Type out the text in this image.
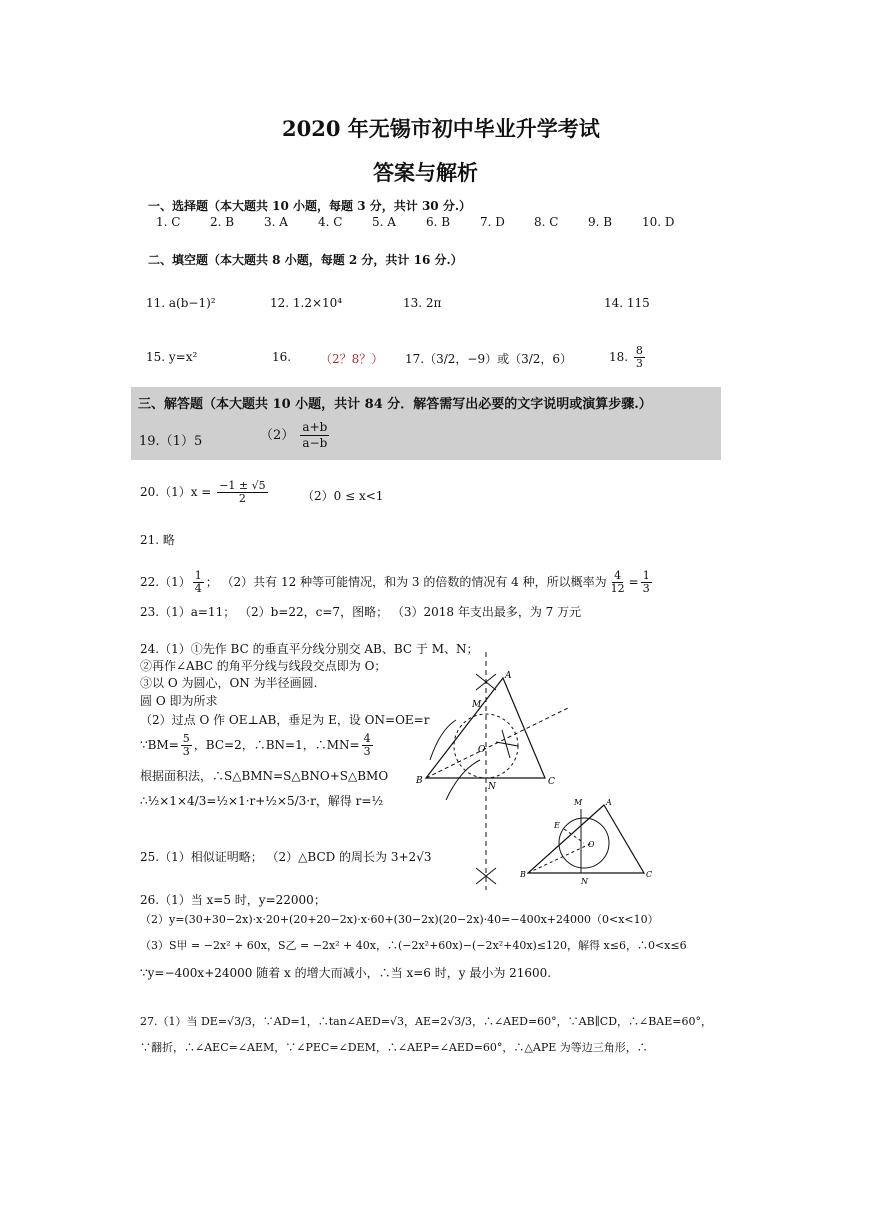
2020 年无锡市初中毕业升学考试
答案与解析
一、选择题（本大题共 10 小题，每题 3 分，共计 30 分.）
1. C 2. B 3. A	4. C 5. A	6. B 7. D 8. C 9. B 10. D
二、填空题（本大题共 8 小题，每题 2 分，共计 16 分.）
11. a(b−1)²	12. 1.2×10⁴	13. 2π	14. 115
15. y=x²	16. （2？8？） 17.（3/2，−9）或（3/2，6）	18. $\frac{8}{3}$
三、解答题（本大题共 10 小题，共计 84 分．解答需写出必要的文字说明或演算步骤.）
19.（1）5	$(2) \frac{a+b}{a-b}$
$20.(1)x = \frac{-1 \pm √5}{2}$	（2）0 ≤ x<1
21. 略
$22.(1) \frac{1}{4}$ ； （2）共有 12 种等可能情况，和为 3 的倍数的情况有 4 种，所以概率为 $\frac{4}{12} = \frac{1}{3}$
23.（1）a=11； （2）b=22，c=7，图略； （3）2018 年支出最多，为 7 万元
24.（1）①先作 BC 的垂直平分线分别交 AB、BC 于 M、N；
②再作∠ABC 的角平分线与线段交点即为 O；
③以 O 为圆心，ON 为半径画圆.
圆 O 即为所求
（2）过点 O 作 OE⊥AB，垂足为 E，设 ON=OE=r
∵BM= $\frac{5}{3}$ ，BC=2，∴BN=1，∴MN= $\frac{4}{3}$
根据面积法，∴S△BMN=S△BNO+S△BMO
∴½×1×4/3=½×1·r+½×5/3·r，解得 r=½
A
M
O
B
N	C
A
M
E
O
B
N
C
25.（1）相似证明略； （2）△BCD 的周长为 3+2√3
26.（1）当 x=5 时，y=22000；
（2）y=(30+30−2x)·x·20+(20+20−2x)·x·60+(30−2x)(20−2x)·40=−400x+24000（0<x<10）
（3）S甲 = −2x² + 60x，S乙 = −2x² + 40x，∴(−2x²+60x)−(−2x²+40x)≤120，解得 x≤6，∴0<x≤6
∵y=−400x+24000 随着 x 的增大而减小，∴当 x=6 时，y 最小为 21600.
27.（1）当 DE=√3/3，∵AD=1，∴tan∠AED=√3，AE=2√3/3，∴∠AED=60°，∵AB∥CD，∴∠BAE=60°，
∵翻折，∴∠AEC=∠AEM，∵∠PEC=∠DEM，∴∠AEP=∠AED=60°，∴△APE 为等边三角形，∴
